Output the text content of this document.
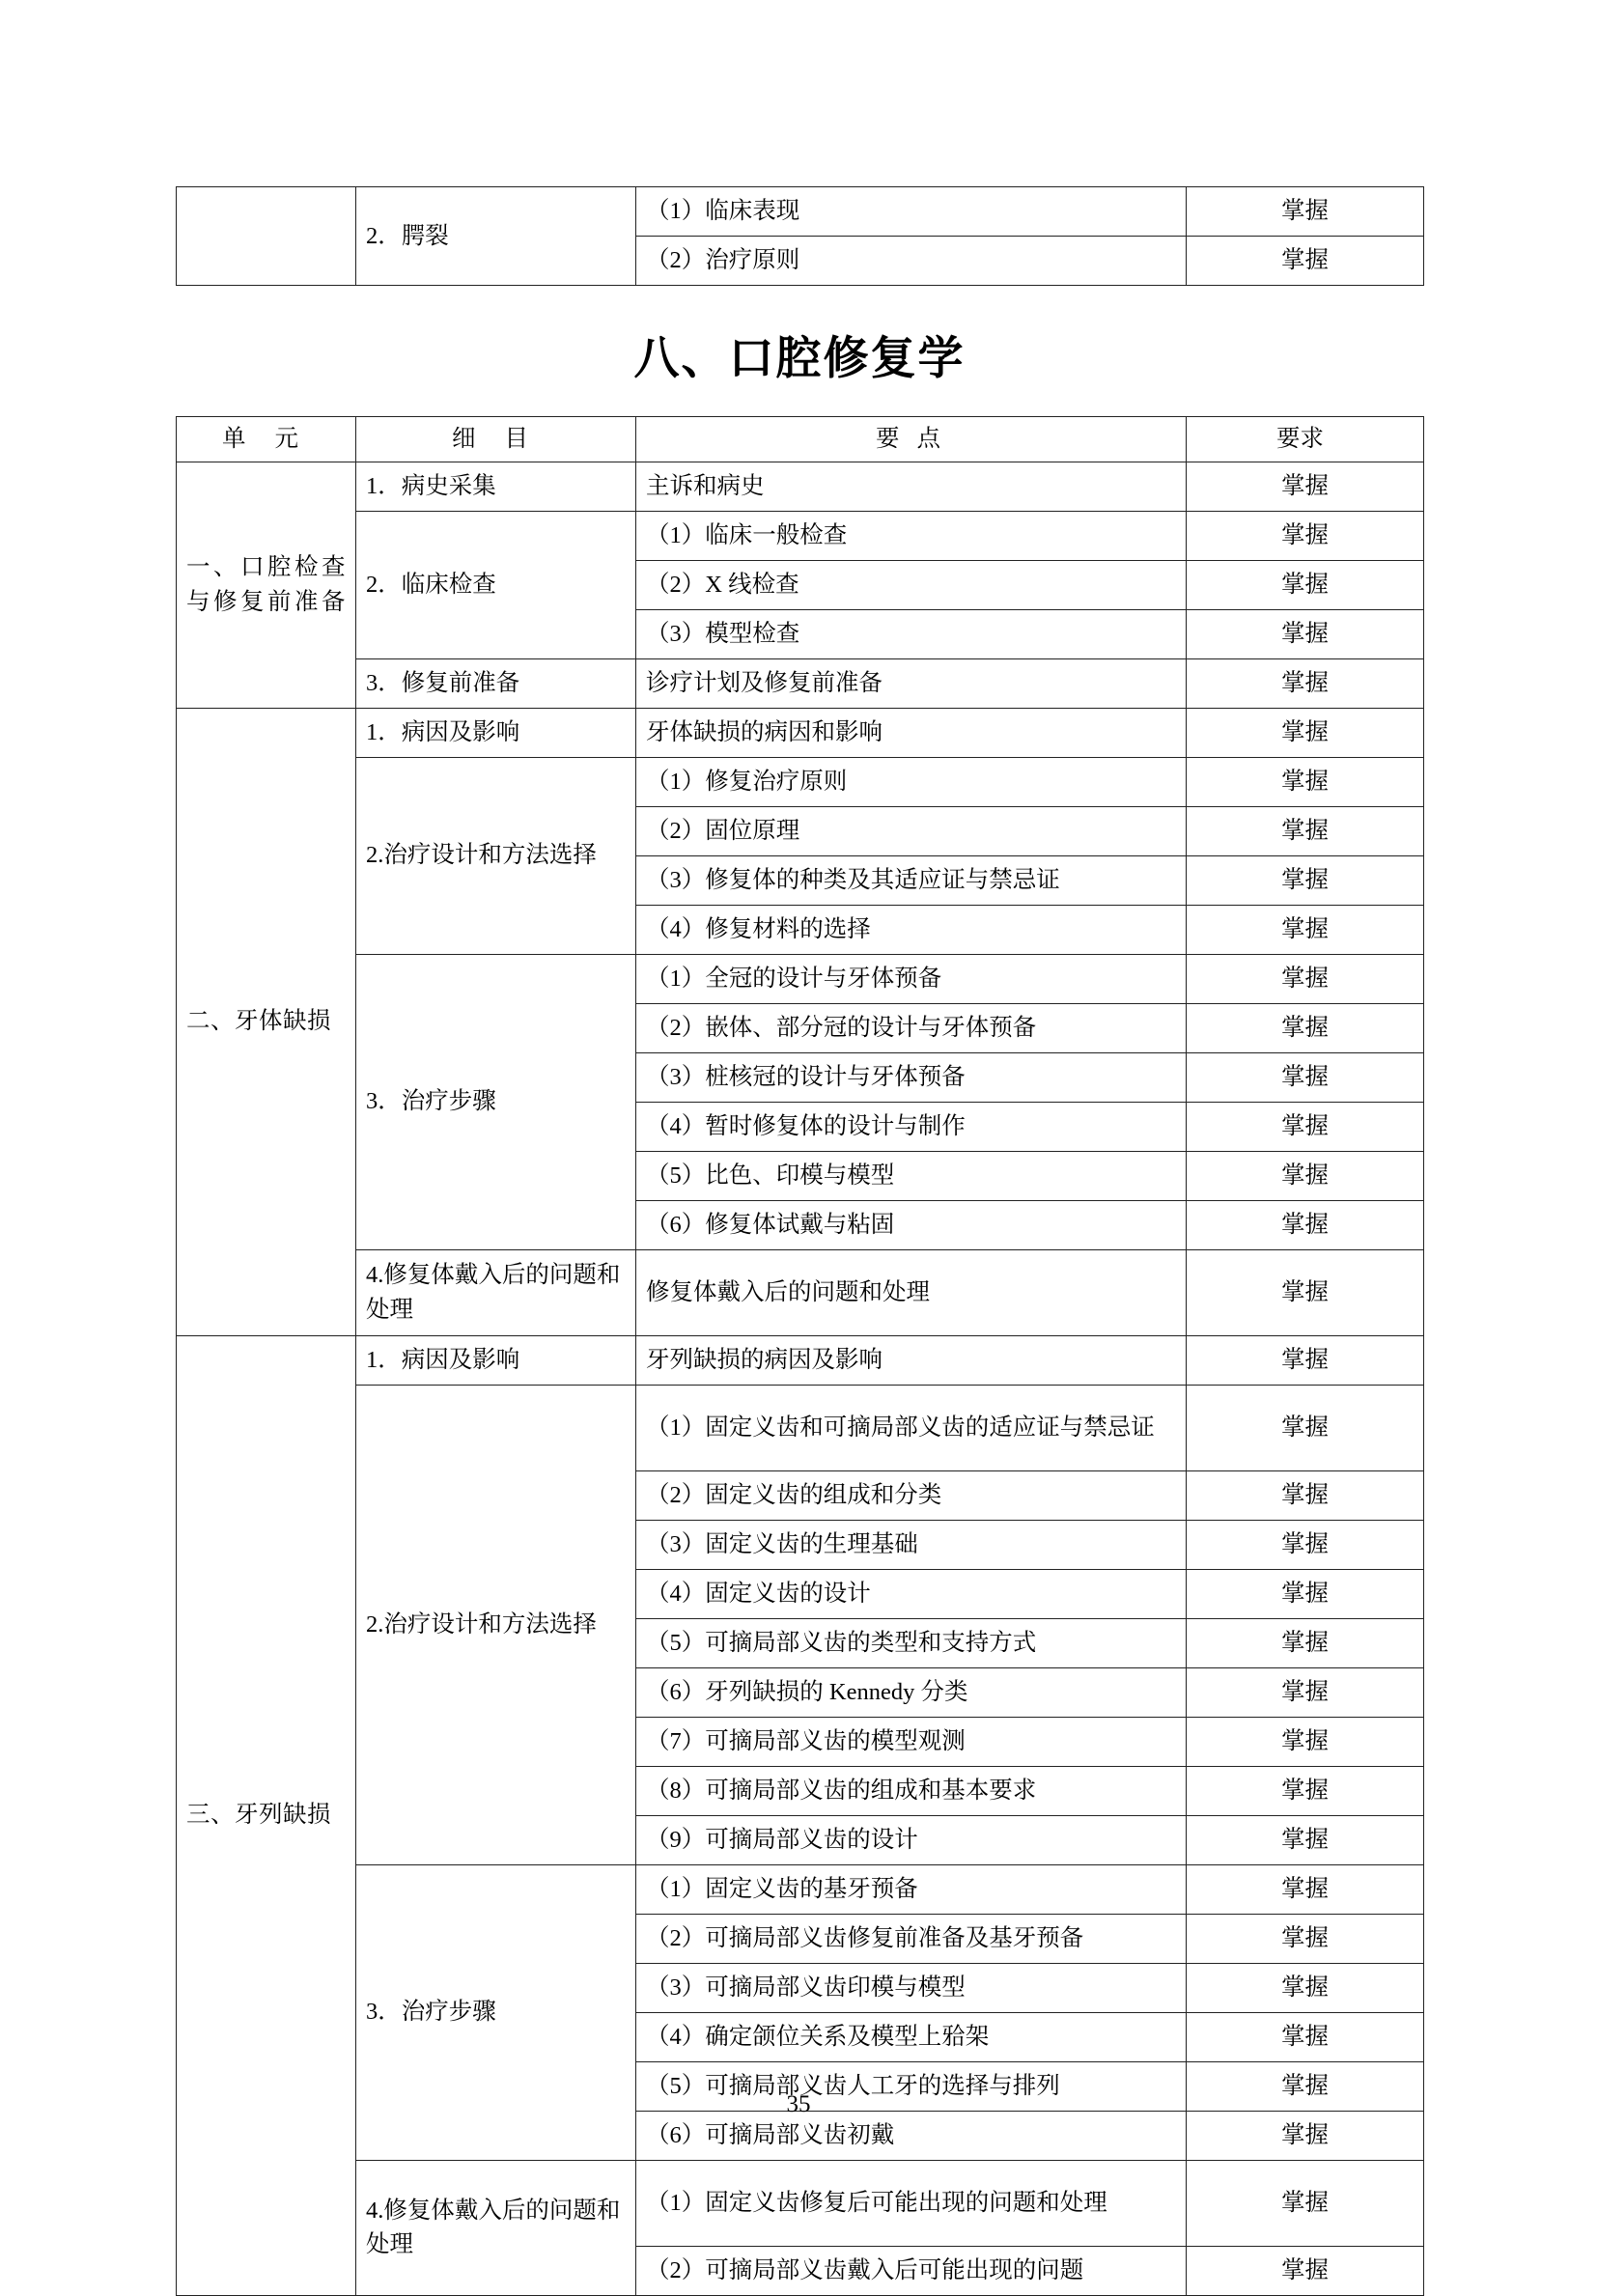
	2．腭裂	（1）临床表现	掌握
		（2）治疗原则	掌握
八、口腔修复学
单 元	细 目	要 点	要求
一、口腔检查与修复前准备	1．病史采集	主诉和病史	掌握
	2．临床检查	（1）临床一般检查	掌握
		（2）X 线检查	掌握
		（3）模型检查	掌握
	3．修复前准备	诊疗计划及修复前准备	掌握
二、牙体缺损	1．病因及影响	牙体缺损的病因和影响	掌握
	2.治疗设计和方法选择	（1）修复治疗原则	掌握
		（2）固位原理	掌握
		（3）修复体的种类及其适应证与禁忌证	掌握
		（4）修复材料的选择	掌握
	3．治疗步骤	（1）全冠的设计与牙体预备	掌握
		（2）嵌体、部分冠的设计与牙体预备	掌握
		（3）桩核冠的设计与牙体预备	掌握
		（4）暂时修复体的设计与制作	掌握
		（5）比色、印模与模型	掌握
		（6）修复体试戴与粘固	掌握
	4.修复体戴入后的问题和处理	修复体戴入后的问题和处理	掌握
三、牙列缺损	1．病因及影响	牙列缺损的病因及影响	掌握
	2.治疗设计和方法选择	（1）固定义齿和可摘局部义齿的适应证与禁忌证	掌握
		（2）固定义齿的组成和分类	掌握
		（3）固定义齿的生理基础	掌握
		（4）固定义齿的设计	掌握
		（5）可摘局部义齿的类型和支持方式	掌握
		（6）牙列缺损的 Kennedy 分类	掌握
		（7）可摘局部义齿的模型观测	掌握
		（8）可摘局部义齿的组成和基本要求	掌握
		（9）可摘局部义齿的设计	掌握
	3．治疗步骤	（1）固定义齿的基牙预备	掌握
		（2）可摘局部义齿修复前准备及基牙预备	掌握
		（3）可摘局部义齿印模与模型	掌握
		（4）确定颌位关系及模型上𬌗架	掌握
		（5）可摘局部义齿人工牙的选择与排列	掌握
		（6）可摘局部义齿初戴	掌握
	4.修复体戴入后的问题和处理	（1）固定义齿修复后可能出现的问题和处理	掌握
		（2）可摘局部义齿戴入后可能出现的问题	掌握
35
